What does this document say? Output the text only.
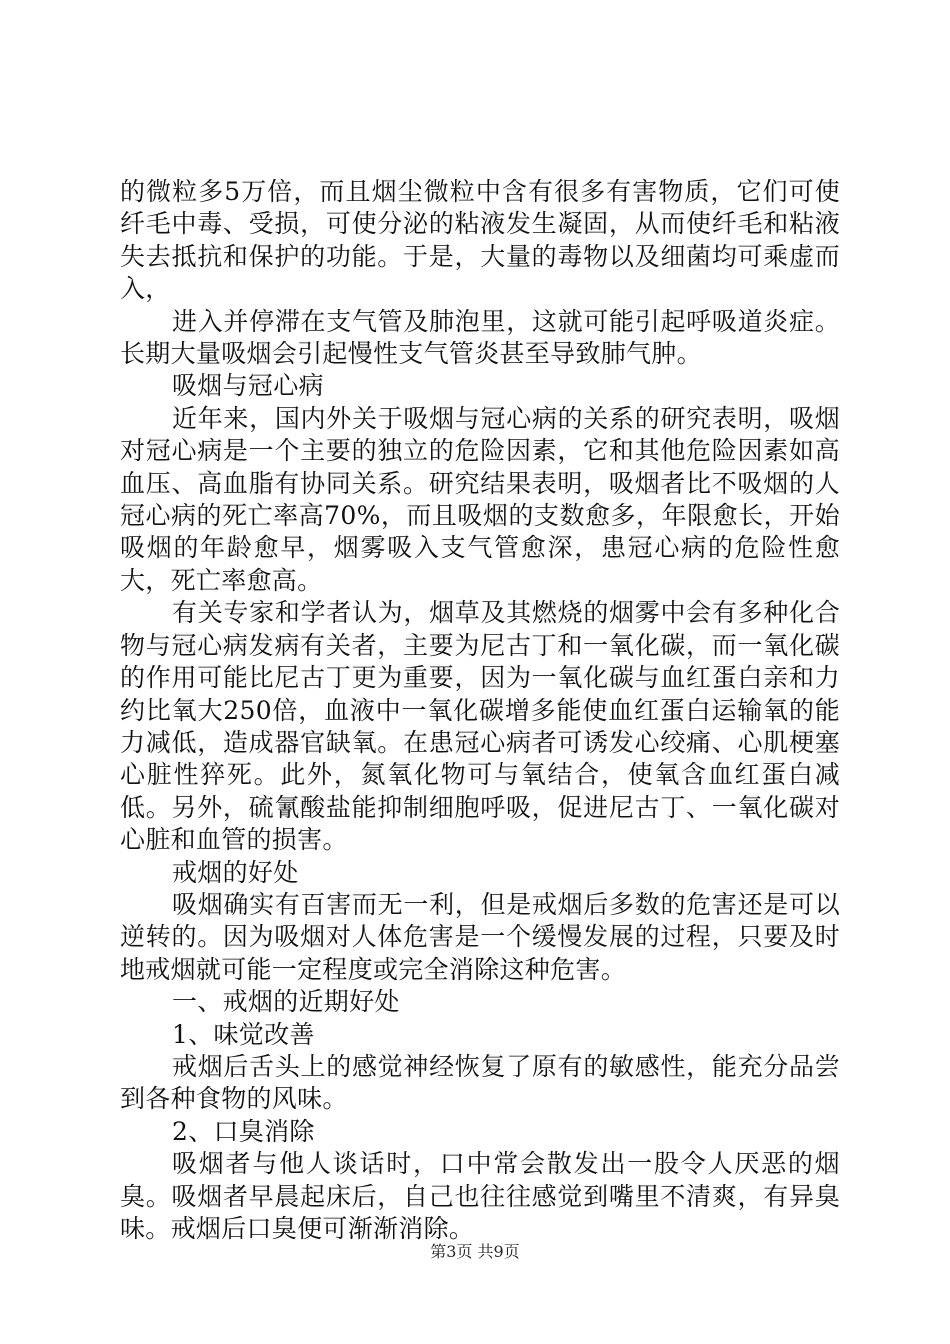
的微粒多5万倍，而且烟尘微粒中含有很多有害物质，它们可使纤毛中毒、受损，可使分泌的粘液发生凝固，从而使纤毛和粘液失去抵抗和保护的功能。于是，大量的毒物以及细菌均可乘虚而入，

进入并停滞在支气管及肺泡里，这就可能引起呼吸道炎症。长期大量吸烟会引起慢性支气管炎甚至导致肺气肿。

吸烟与冠心病

近年来，国内外关于吸烟与冠心病的关系的研究表明，吸烟对冠心病是一个主要的独立的危险因素，它和其他危险因素如高血压、高血脂有协同关系。研究结果表明，吸烟者比不吸烟的人冠心病的死亡率高70%，而且吸烟的支数愈多，年限愈长，开始吸烟的年龄愈早，烟雾吸入支气管愈深，患冠心病的危险性愈大，死亡率愈高。

有关专家和学者认为，烟草及其燃烧的烟雾中会有多种化合物与冠心病发病有关者，主要为尼古丁和一氧化碳，而一氧化碳的作用可能比尼古丁更为重要，因为一氧化碳与血红蛋白亲和力约比氧大250倍，血液中一氧化碳增多能使血红蛋白运输氧的能力减低，造成器官缺氧。在患冠心病者可诱发心绞痛、心肌梗塞心脏性猝死。此外，氮氧化物可与氧结合，使氧含血红蛋白减低。另外，硫氰酸盐能抑制细胞呼吸，促进尼古丁、一氧化碳对心脏和血管的损害。

戒烟的好处

吸烟确实有百害而无一利，但是戒烟后多数的危害还是可以逆转的。因为吸烟对人体危害是一个缓慢发展的过程，只要及时地戒烟就可能一定程度或完全消除这种危害。

一、戒烟的近期好处

1、味觉改善

戒烟后舌头上的感觉神经恢复了原有的敏感性，能充分品尝到各种食物的风味。

2、口臭消除

吸烟者与他人谈话时，口中常会散发出一股令人厌恶的烟臭。吸烟者早晨起床后，自己也往往感觉到嘴里不清爽，有异臭味。戒烟后口臭便可渐渐消除。

第3页 共9页
